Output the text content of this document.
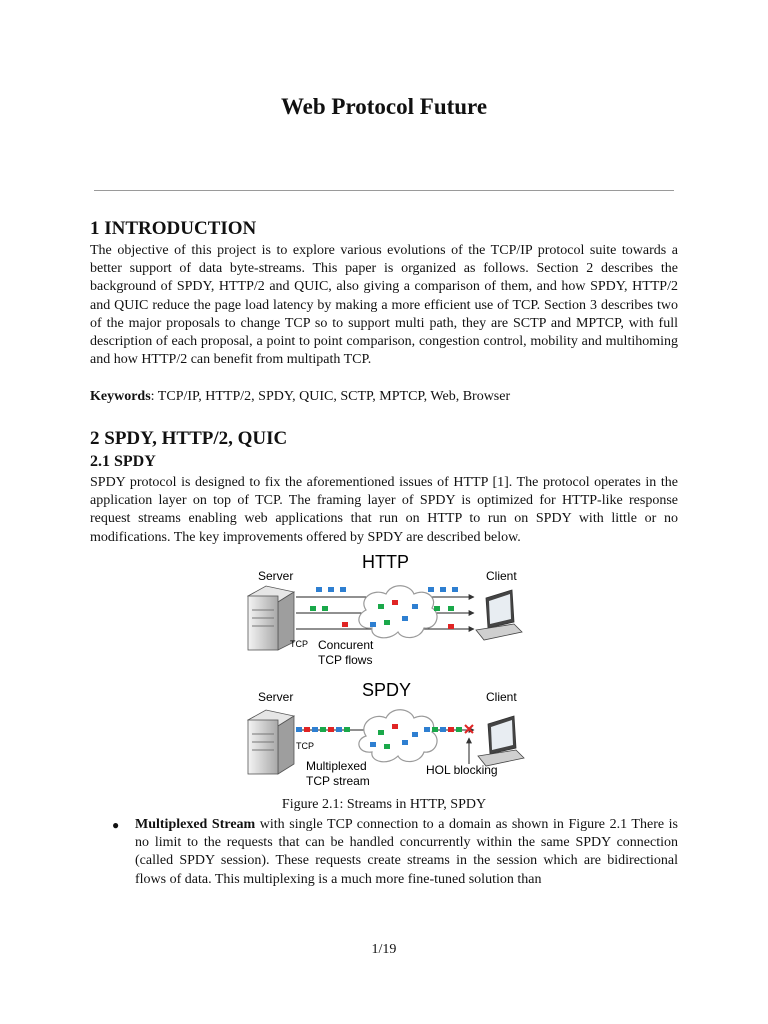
Web Protocol Future
1 INTRODUCTION

The objective of this project is to explore various evolutions of the TCP/IP protocol suite towards a better support of data byte-streams. This paper is organized as follows. Section 2 describes the background of SPDY, HTTP/2 and QUIC, also giving a comparison of them, and how SPDY, HTTP/2 and QUIC reduce the page load latency by making a more efficient use of TCP. Section 3 describes two of the major proposals to change TCP so to support multi path, they are SCTP and MPTCP, with full description of each proposal, a point to point comparison, congestion control, mobility and multihoming and how HTTP/2 can benefit from multipath TCP.

Keywords: TCP/IP, HTTP/2, SPDY, QUIC, SCTP, MPTCP, Web, Browser

2 SPDY, HTTP/2, QUIC
2.1 SPDY

SPDY protocol is designed to fix the aforementioned issues of HTTP [1]. The protocol operates in the application layer on top of TCP. The framing layer of SPDY is optimized for HTTP-like response request streams enabling web applications that run on HTTP to run on SPDY with little or no modifications. The key improvements offered by SPDY are described below.

HTTP
Server	Client
TCP Concurent
TCP flows
SPDY
Server	Client
TCP
Multiplexed
TCP stream
HOL blocking

Figure 2.1: Streams in HTTP, SPDY

● Multiplexed Stream with single TCP connection to a domain as shown in Figure 2.1 There is no limit to the requests that can be handled concurrently within the same SPDY connection (called SPDY session). These requests create streams in the session which are bidirectional flows of data. This multiplexing is a much more fine-tuned solution than

1/19
